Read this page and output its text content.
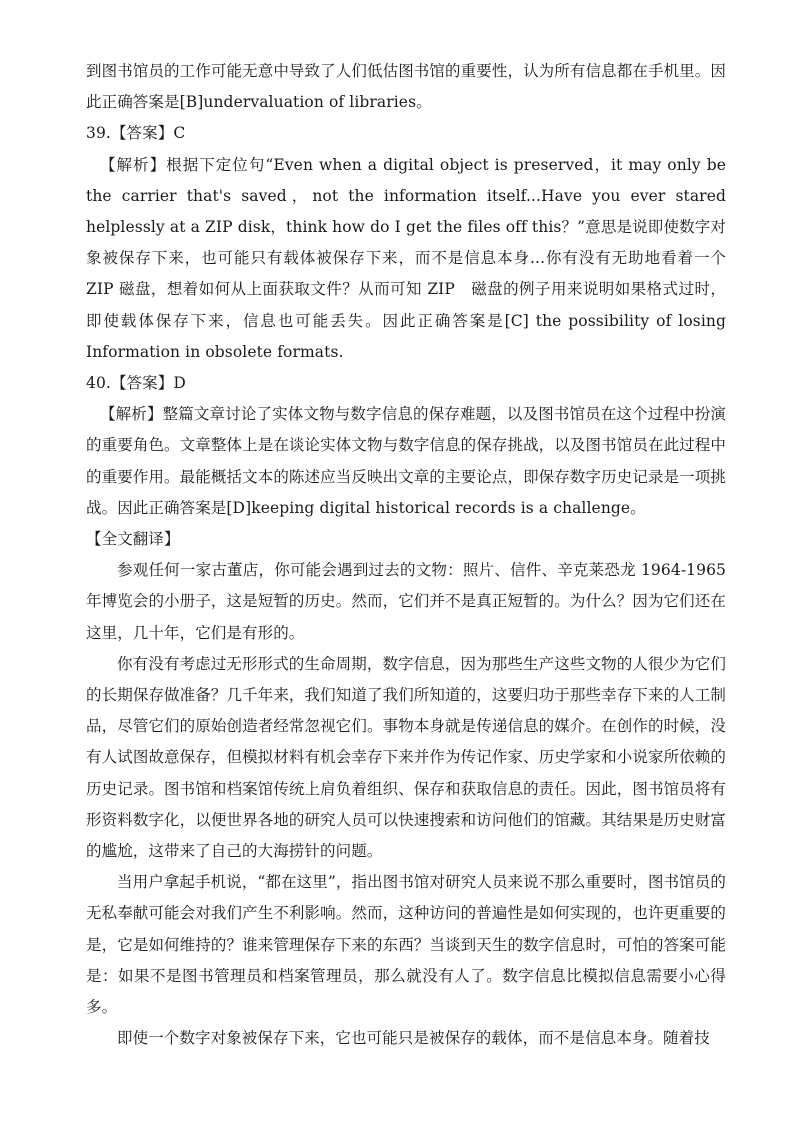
到图书馆员的工作可能无意中导致了人们低估图书馆的重要性，认为所有信息都在手机里。因此正确答案是[B]undervaluation of libraries。

39.【答案】C

【解析】根据下定位句“Even when a digital object is preserved，it may only be the carrier that's saved，not the information itself...Have you ever stared helplessly at a ZIP disk，think how do I get the files off this？”意思是说即使数字对象被保存下来，也可能只有载体被保存下来，而不是信息本身...你有没有无助地看着一个 ZIP 磁盘，想着如何从上面获取文件？从而可知 ZIP　磁盘的例子用来说明如果格式过时，即使载体保存下来，信息也可能丢失。因此正确答案是[C] the possibility of losing Information in obsolete formats.

40.【答案】D

【解析】整篇文章讨论了实体文物与数字信息的保存难题，以及图书馆员在这个过程中扮演的重要角色。文章整体上是在谈论实体文物与数字信息的保存挑战，以及图书馆员在此过程中的重要作用。最能概括文本的陈述应当反映出文章的主要论点，即保存数字历史记录是一项挑战。因此正确答案是[D]keeping digital historical records is a challenge。

【全文翻译】

参观任何一家古董店，你可能会遇到过去的文物：照片、信件、辛克莱恐龙 1964-1965 年博览会的小册子，这是短暂的历史。然而，它们并不是真正短暂的。为什么？因为它们还在这里，几十年，它们是有形的。

你有没有考虑过无形形式的生命周期，数字信息，因为那些生产这些文物的人很少为它们的长期保存做准备？几千年来，我们知道了我们所知道的，这要归功于那些幸存下来的人工制品，尽管它们的原始创造者经常忽视它们。事物本身就是传递信息的媒介。在创作的时候，没有人试图故意保存，但模拟材料有机会幸存下来并作为传记作家、历史学家和小说家所依赖的历史记录。图书馆和档案馆传统上肩负着组织、保存和获取信息的责任。因此，图书馆员将有形资料数字化，以便世界各地的研究人员可以快速搜索和访问他们的馆藏。其结果是历史财富的尴尬，这带来了自己的大海捞针的问题。

当用户拿起手机说，“都在这里”，指出图书馆对研究人员来说不那么重要时，图书馆员的无私奉献可能会对我们产生不利影响。然而，这种访问的普遍性是如何实现的，也许更重要的是，它是如何维持的？谁来管理保存下来的东西？当谈到天生的数字信息时，可怕的答案可能是：如果不是图书管理员和档案管理员，那么就没有人了。数字信息比模拟信息需要小心得多。

即使一个数字对象被保存下来，它也可能只是被保存的载体，而不是信息本身。随着技
